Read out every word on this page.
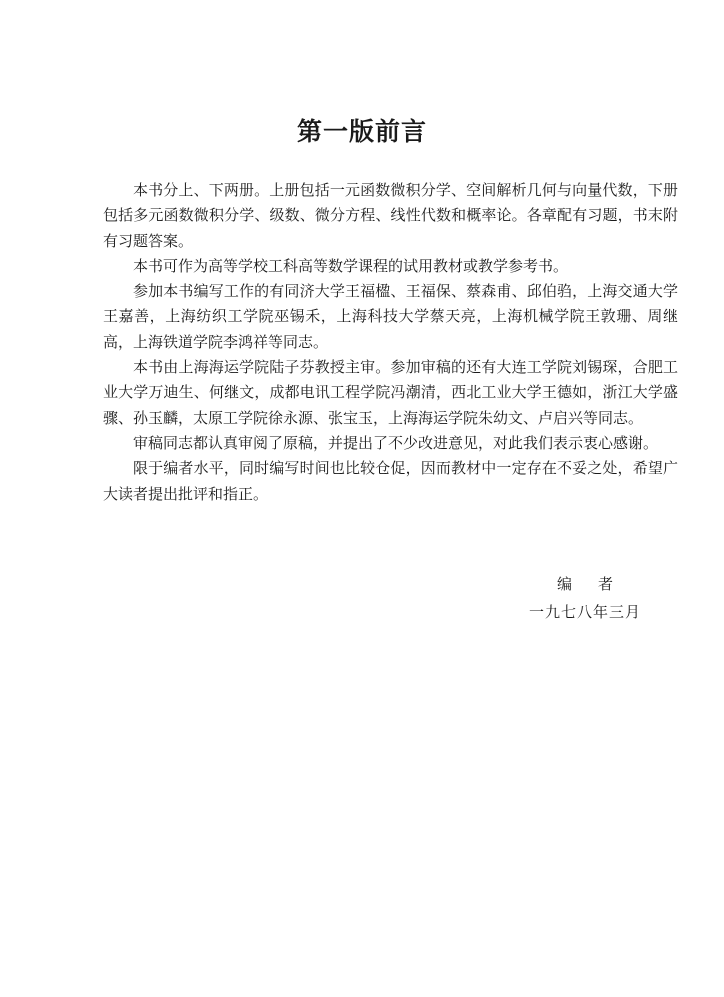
第一版前言

本书分上、下两册。上册包括一元函数微积分学、空间解析几何与向量代数，下册包括多元函数微积分学、级数、微分方程、线性代数和概率论。各章配有习题，书末附有习题答案。

本书可作为高等学校工科高等数学课程的试用教材或教学参考书。

参加本书编写工作的有同济大学王福楹、王福保、蔡森甫、邱伯驺，上海交通大学王嘉善，上海纺织工学院巫锡禾，上海科技大学蔡天亮，上海机械学院王敦珊、周继高，上海铁道学院李鸿祥等同志。

本书由上海海运学院陆子芬教授主审。参加审稿的还有大连工学院刘锡琛，合肥工业大学万迪生、何继文，成都电讯工程学院冯潮清，西北工业大学王德如，浙江大学盛骤、孙玉麟，太原工学院徐永源、张宝玉，上海海运学院朱幼文、卢启兴等同志。

审稿同志都认真审阅了原稿，并提出了不少改进意见，对此我们表示衷心感谢。

限于编者水平，同时编写时间也比较仓促，因而教材中一定存在不妥之处，希望广大读者提出批评和指正。

编者
一九七八年三月
